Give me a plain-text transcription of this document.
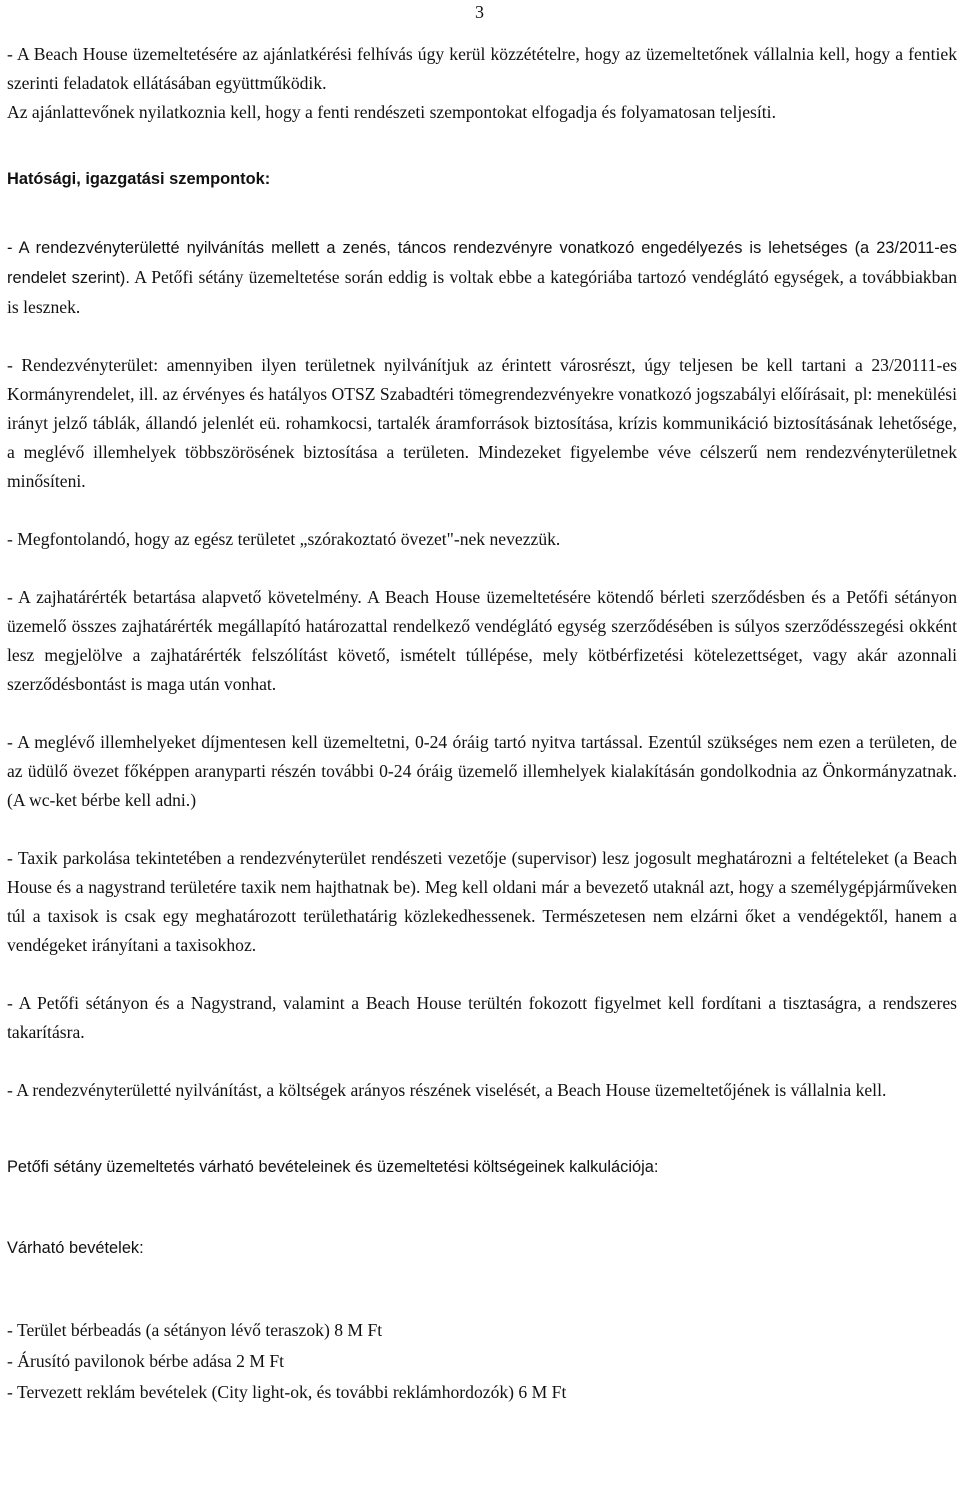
3

- A Beach House üzemeltetésére az ajánlatkérési felhívás úgy kerül közzétételre, hogy az üzemeltetőnek vállalnia kell, hogy a fentiek szerinti feladatok ellátásában együttműködik.
Az ajánlattevőnek nyilatkoznia kell, hogy a fenti rendészeti szempontokat elfogadja és folyamatosan teljesíti.

Hatósági, igazgatási szempontok:

- A rendezvényterületté nyilvánítás mellett a zenés, táncos rendezvényre vonatkozó engedélyezés is lehetséges (a 23/2011-es rendelet szerint). A Petőfi sétány üzemeltetése során eddig is voltak ebbe a kategóriába tartozó vendéglátó egységek, a továbbiakban is lesznek.

- Rendezvényterület: amennyiben ilyen területnek nyilvánítjuk az érintett városrészt, úgy teljesen be kell tartani a 23/20111-es Kormányrendelet, ill. az érvényes és hatályos OTSZ Szabadtéri tömegrendezvényekre vonatkozó jogszabályi előírásait, pl: menekülési irányt jelző táblák, állandó jelenlét eü. rohamkocsi, tartalék áramforrások biztosítása, krízis kommunikáció biztosításának lehetősége, a meglévő illemhelyek többszörösének biztosítása a területen. Mindezeket figyelembe véve célszerű nem rendezvényterületnek minősíteni.

- Megfontolandó, hogy az egész területet „szórakoztató övezet"-nek nevezzük.

- A zajhatárérték betartása alapvető követelmény. A Beach House üzemeltetésére kötendő bérleti szerződésben és a Petőfi sétányon üzemelő összes zajhatárérték megállapító határozattal rendelkező vendéglátó egység szerződésében is súlyos szerződésszegési okként lesz megjelölve a zajhatárérték felszólítást követő, ismételt túllépése, mely kötbérfizetési kötelezettséget, vagy akár azonnali szerződésbontást is maga után vonhat.

- A meglévő illemhelyeket díjmentesen kell üzemeltetni, 0-24 óráig tartó nyitva tartással. Ezentúl szükséges nem ezen a területen, de az üdülő övezet főképpen aranyparti részén további 0-24 óráig üzemelő illemhelyek kialakításán gondolkodnia az Önkormányzatnak. (A wc-ket bérbe kell adni.)

- Taxik parkolása tekintetében a rendezvényterület rendészeti vezetője (supervisor) lesz jogosult meghatározni a feltételeket (a Beach House és a nagystrand területére taxik nem hajthatnak be). Meg kell oldani már a bevezető utaknál azt, hogy a személygépjárműveken túl a taxisok is csak egy meghatározott területhatárig közlekedhessenek. Természetesen nem elzárni őket a vendégektől, hanem a vendégeket irányítani a taxisokhoz.

- A Petőfi sétányon és a Nagystrand, valamint a Beach House terültén fokozott figyelmet kell fordítani a tisztaságra, a rendszeres takarításra.

- A rendezvényterületté nyilvánítást, a költségek arányos részének viselését, a Beach House üzemeltetőjének is vállalnia kell.

Petőfi sétány üzemeltetés várható bevételeinek és üzemeltetési költségeinek kalkulációja:

Várható bevételek:

- Terület bérbeadás (a sétányon lévő teraszok) 8 M Ft

- Árusító pavilonok bérbe adása 2 M Ft

- Tervezett reklám bevételek (City light-ok, és további reklámhordozók) 6 M Ft
